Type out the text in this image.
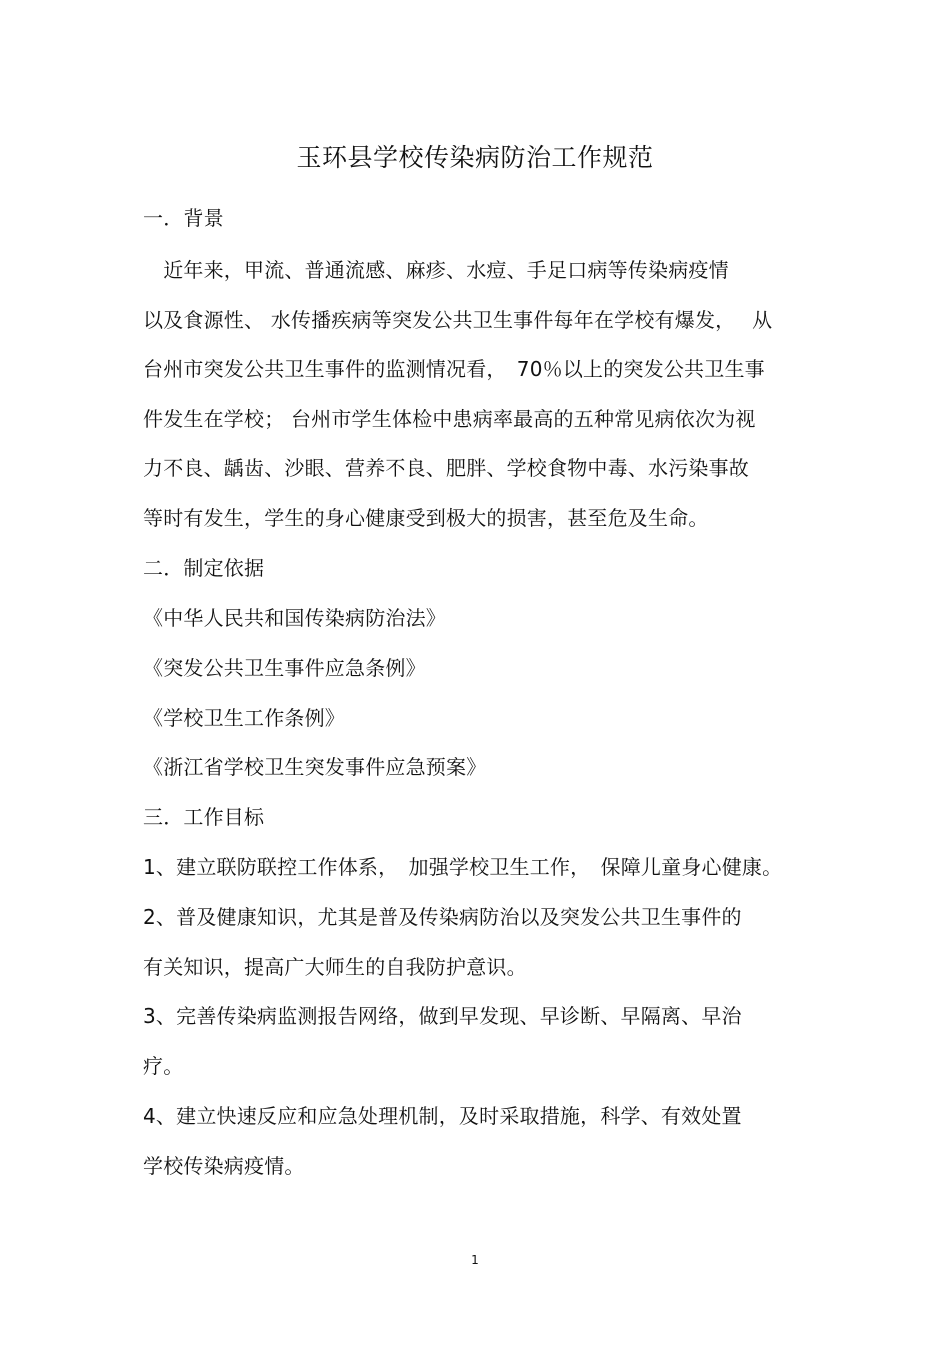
玉环县学校传染病防治工作规范
一．背景
　近年来，甲流、普通流感、麻疹、水痘、手足口病等传染病疫情
以及食源性、 水传播疾病等突发公共卫生事件每年在学校有爆发，　 从
台州市突发公共卫生事件的监测情况看，　70％以上的突发公共卫生事
件发生在学校； 台州市学生体检中患病率最高的五种常见病依次为视
力不良、龋齿、沙眼、营养不良、肥胖、学校食物中毒、水污染事故
等时有发生，学生的身心健康受到极大的损害，甚至危及生命。
二．制定依据
《中华人民共和国传染病防治法》
《突发公共卫生事件应急条例》
《学校卫生工作条例》
《浙江省学校卫生突发事件应急预案》
三．工作目标
1、建立联防联控工作体系，　加强学校卫生工作，　保障儿童身心健康。
2、普及健康知识，尤其是普及传染病防治以及突发公共卫生事件的
有关知识，提高广大师生的自我防护意识。
3、完善传染病监测报告网络，做到早发现、早诊断、早隔离、早治
疗。
4、建立快速反应和应急处理机制，及时采取措施，科学、有效处置
学校传染病疫情。
1
